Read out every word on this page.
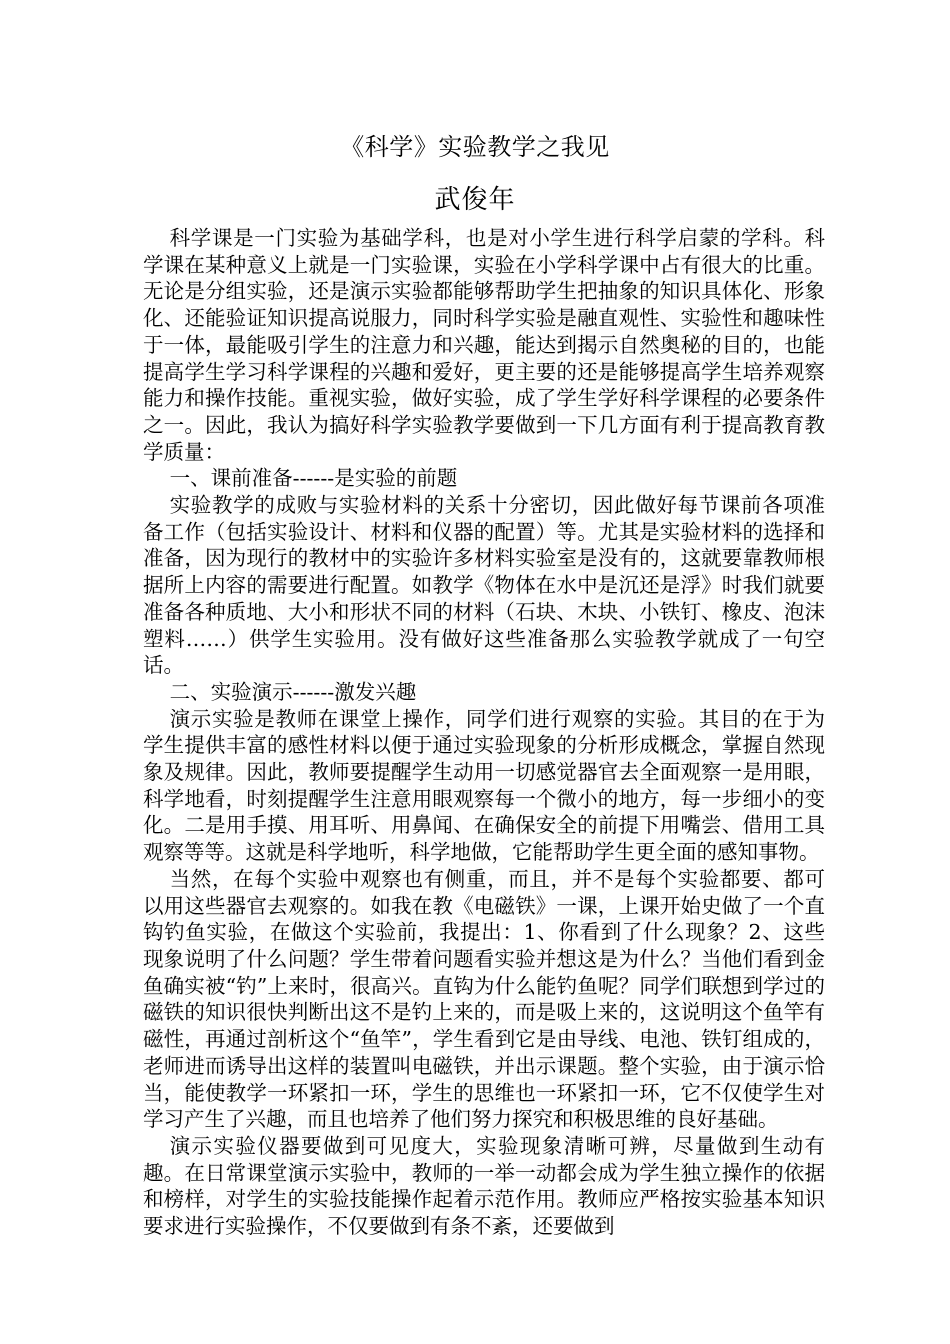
《科学》实验教学之我见
武俊年

科学课是一门实验为基础学科，也是对小学生进行科学启蒙的学科。科学课在某种意义上就是一门实验课，实验在小学科学课中占有很大的比重。无论是分组实验，还是演示实验都能够帮助学生把抽象的知识具体化、形象化、还能验证知识提高说服力，同时科学实验是融直观性、实验性和趣味性于一体，最能吸引学生的注意力和兴趣，能达到揭示自然奥秘的目的，也能提高学生学习科学课程的兴趣和爱好，更主要的还是能够提高学生培养观察能力和操作技能。重视实验，做好实验，成了学生学好科学课程的必要条件之一。因此，我认为搞好科学实验教学要做到一下几方面有利于提高教育教学质量：

一、课前准备------是实验的前题

实验教学的成败与实验材料的关系十分密切，因此做好每节课前各项准备工作（包括实验设计、材料和仪器的配置）等。尤其是实验材料的选择和准备，因为现行的教材中的实验许多材料实验室是没有的，这就要靠教师根据所上内容的需要进行配置。如教学《物体在水中是沉还是浮》时我们就要准备各种质地、大小和形状不同的材料（石块、木块、小铁钉、橡皮、泡沫塑料……）供学生实验用。没有做好这些准备那么实验教学就成了一句空话。

二、实验演示------激发兴趣

演示实验是教师在课堂上操作，同学们进行观察的实验。其目的在于为学生提供丰富的感性材料以便于通过实验现象的分析形成概念，掌握自然现象及规律。因此，教师要提醒学生动用一切感觉器官去全面观察一是用眼，科学地看，时刻提醒学生注意用眼观察每一个微小的地方，每一步细小的变化。二是用手摸、用耳听、用鼻闻、在确保安全的前提下用嘴尝、借用工具观察等等。这就是科学地听，科学地做，它能帮助学生更全面的感知事物。

当然，在每个实验中观察也有侧重，而且，并不是每个实验都要、都可以用这些器官去观察的。如我在教《电磁铁》一课，上课开始史做了一个直钩钓鱼实验，在做这个实验前，我提出：1、你看到了什么现象？2、这些现象说明了什么问题？学生带着问题看实验并想这是为什么？当他们看到金鱼确实被“钓”上来时，很高兴。直钩为什么能钓鱼呢？同学们联想到学过的磁铁的知识很快判断出这不是钓上来的，而是吸上来的，这说明这个鱼竿有磁性，再通过剖析这个“鱼竿”，学生看到它是由导线、电池、铁钉组成的，老师进而诱导出这样的装置叫电磁铁，并出示课题。整个实验，由于演示恰当，能使教学一环紧扣一环，学生的思维也一环紧扣一环，它不仅使学生对学习产生了兴趣，而且也培养了他们努力探究和积极思维的良好基础。

演示实验仪器要做到可见度大，实验现象清晰可辨，尽量做到生动有趣。在日常课堂演示实验中，教师的一举一动都会成为学生独立操作的依据和榜样，对学生的实验技能操作起着示范作用。教师应严格按实验基本知识要求进行实验操作，不仅要做到有条不紊，还要做到
